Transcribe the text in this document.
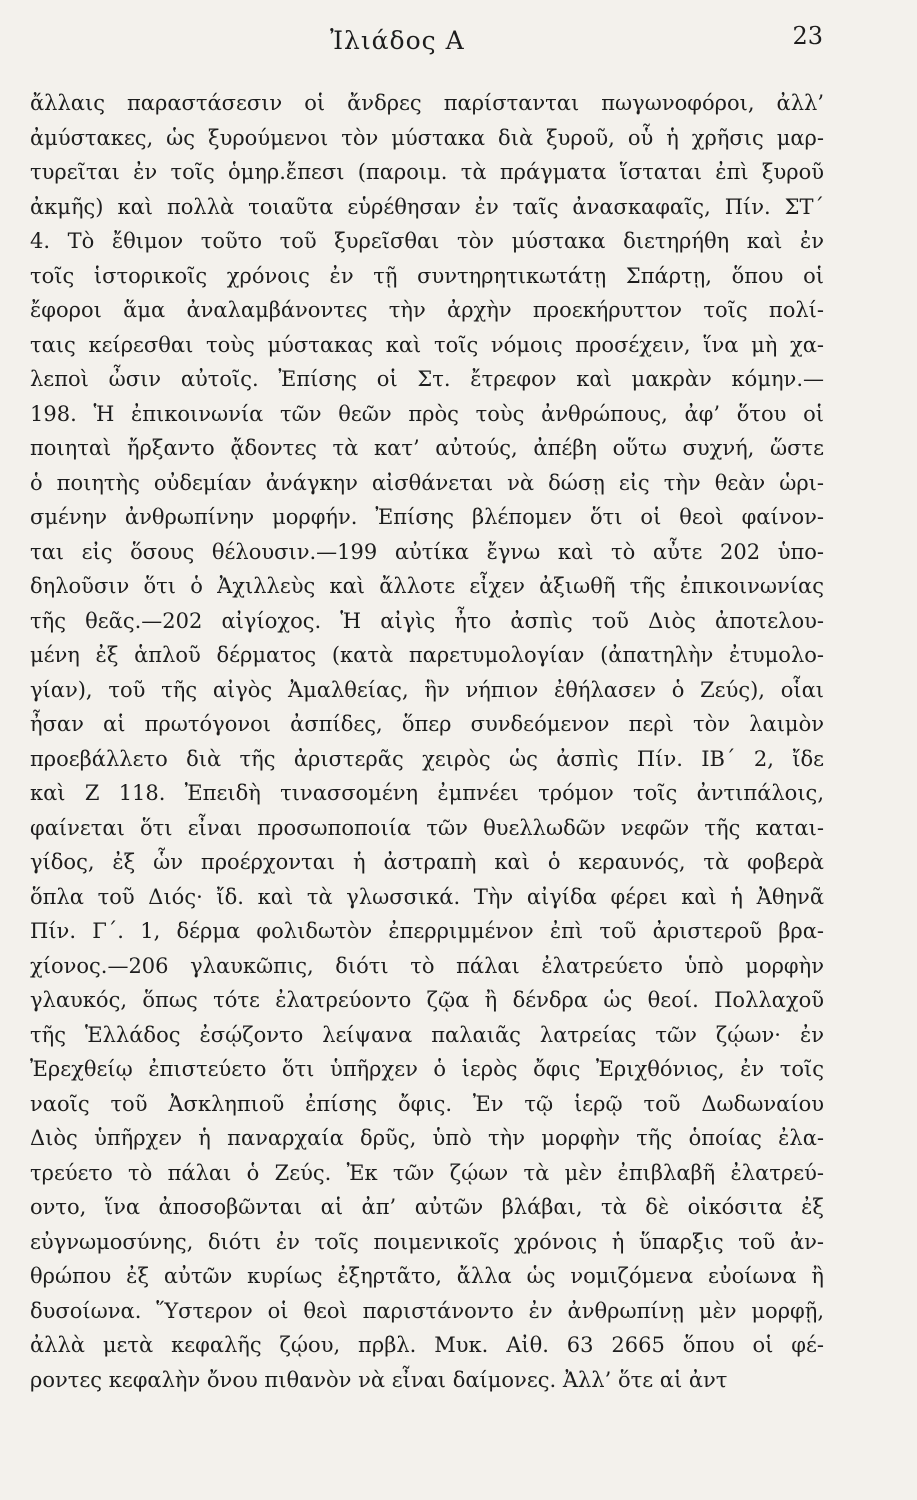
Ἰλιάδος Α	23
ἄλλαις παραστάσεσιν οἱ ἄνδρες παρίστανται πωγωνοφόροι, ἀλλ’
ἀμύστακες, ὡς ξυρούμενοι τὸν μύστακα διὰ ξυροῦ, οὗ ἡ χρῆσις μαρ-
τυρεῖται ἐν τοῖς ὁμηρ.ἔπεσι (παροιμ. τὰ πράγματα ἵσταται ἐπὶ ξυροῦ
ἀκμῆς) καὶ πολλὰ τοιαῦτα εὑρέθησαν ἐν ταῖς ἀνασκαφαῖς, Πίν. ΣΤ΄
4. Τὸ ἔθιμον τοῦτο τοῦ ξυρεῖσθαι τὸν μύστακα διετηρήθη καὶ ἐν
τοῖς ἱστορικοῖς χρόνοις ἐν τῇ συντηρητικωτάτῃ Σπάρτῃ, ὅπου οἱ
ἔφοροι ἅμα ἀναλαμβάνοντες τὴν ἀρχὴν προεκήρυττον τοῖς πολί-
ταις κείρεσθαι τοὺς μύστακας καὶ τοῖς νόμοις προσέχειν, ἵνα μὴ χα-
λεποὶ ὦσιν αὐτοῖς. Ἐπίσης οἱ Στ. ἔτρεφον καὶ μακρὰν κόμην.—
198. Ἡ ἐπικοινωνία τῶν θεῶν πρὸς τοὺς ἀνθρώπους, ἀφ’ ὅτου οἱ
ποιηταὶ ἤρξαντο ᾄδοντες τὰ κατ’ αὐτούς, ἀπέβη οὕτω συχνή, ὥστε
ὁ ποιητὴς οὐδεμίαν ἀνάγκην αἰσθάνεται νὰ δώσῃ εἰς τὴν θεὰν ὡρι-
σμένην ἀνθρωπίνην μορφήν. Ἐπίσης βλέπομεν ὅτι οἱ θεοὶ φαίνον-
ται εἰς ὅσους θέλουσιν.—199 αὐτίκα ἔγνω καὶ τὸ αὖτε 202 ὑπο-
δηλοῦσιν ὅτι ὁ Ἀχιλλεὺς καὶ ἄλλοτε εἶχεν ἀξιωθῆ τῆς ἐπικοινωνίας
τῆς θεᾶς.—202 αἰγίοχος. Ἡ αἰγὶς ἦτο ἀσπὶς τοῦ Διὸς ἀποτελου-
μένη ἐξ ἁπλοῦ δέρματος (κατὰ παρετυμολογίαν (ἀπατηλὴν ἐτυμολο-
γίαν), τοῦ τῆς αἰγὸς Ἀμαλθείας, ἣν νήπιον ἐθήλασεν ὁ Ζεύς), οἷαι
ἦσαν αἱ πρωτόγονοι ἀσπίδες, ὅπερ συνδεόμενον περὶ τὸν λαιμὸν
προεβάλλετο διὰ τῆς ἀριστερᾶς χειρὸς ὡς ἀσπὶς Πίν. ΙΒ΄ 2, ἴδε
καὶ Ζ 118. Ἐπειδὴ τινασσομένη ἐμπνέει τρόμον τοῖς ἀντιπάλοις,
φαίνεται ὅτι εἶναι προσωποποιία τῶν θυελλωδῶν νεφῶν τῆς καται-
γίδος, ἐξ ὧν προέρχονται ἡ ἀστραπὴ καὶ ὁ κεραυνός, τὰ φοβερὰ
ὅπλα τοῦ Διός· ἴδ. καὶ τὰ γλωσσικά. Τὴν αἰγίδα φέρει καὶ ἡ Ἀθηνᾶ
Πίν. Γ΄. 1, δέρμα φολιδωτὸν ἐπερριμμένον ἐπὶ τοῦ ἀριστεροῦ βρα-
χίονος.—206 γλαυκῶπις, διότι τὸ πάλαι ἐλατρεύετο ὑπὸ μορφὴν
γλαυκός, ὅπως τότε ἐλατρεύοντο ζῷα ἢ δένδρα ὡς θεοί. Πολλαχοῦ
τῆς Ἑλλάδος ἐσῴζοντο λείψανα παλαιᾶς λατρείας τῶν ζῴων· ἐν
Ἐρεχθείῳ ἐπιστεύετο ὅτι ὑπῆρχεν ὁ ἱερὸς ὄφις Ἐριχθόνιος, ἐν τοῖς
ναοῖς τοῦ Ἀσκληπιοῦ ἐπίσης ὄφις. Ἐν τῷ ἱερῷ τοῦ Δωδωναίου
Διὸς ὑπῆρχεν ἡ παναρχαία δρῦς, ὑπὸ τὴν μορφὴν τῆς ὁποίας ἐλα-
τρεύετο τὸ πάλαι ὁ Ζεύς. Ἐκ τῶν ζῴων τὰ μὲν ἐπιβλαβῆ ἐλατρεύ-
οντο, ἵνα ἀποσοβῶνται αἱ ἀπ’ αὐτῶν βλάβαι, τὰ δὲ οἰκόσιτα ἐξ
εὐγνωμοσύνης, διότι ἐν τοῖς ποιμενικοῖς χρόνοις ἡ ὕπαρξις τοῦ ἀν-
θρώπου ἐξ αὐτῶν κυρίως ἐξηρτᾶτο, ἄλλα ὡς νομιζόμενα εὐοίωνα ἢ
δυσοίωνα. Ὕστερον οἱ θεοὶ παριστάνοντο ἐν ἀνθρωπίνῃ μὲν μορφῇ,
ἀλλὰ μετὰ κεφαλῆς ζῴου, πρβλ. Μυκ. Αἰθ. 63 2665 ὅπου οἱ φέ-
ροντες κεφαλὴν ὄνου πιθανὸν νὰ εἶναι δαίμονες. Ἀλλ’ ὅτε αἱ ἀντ
